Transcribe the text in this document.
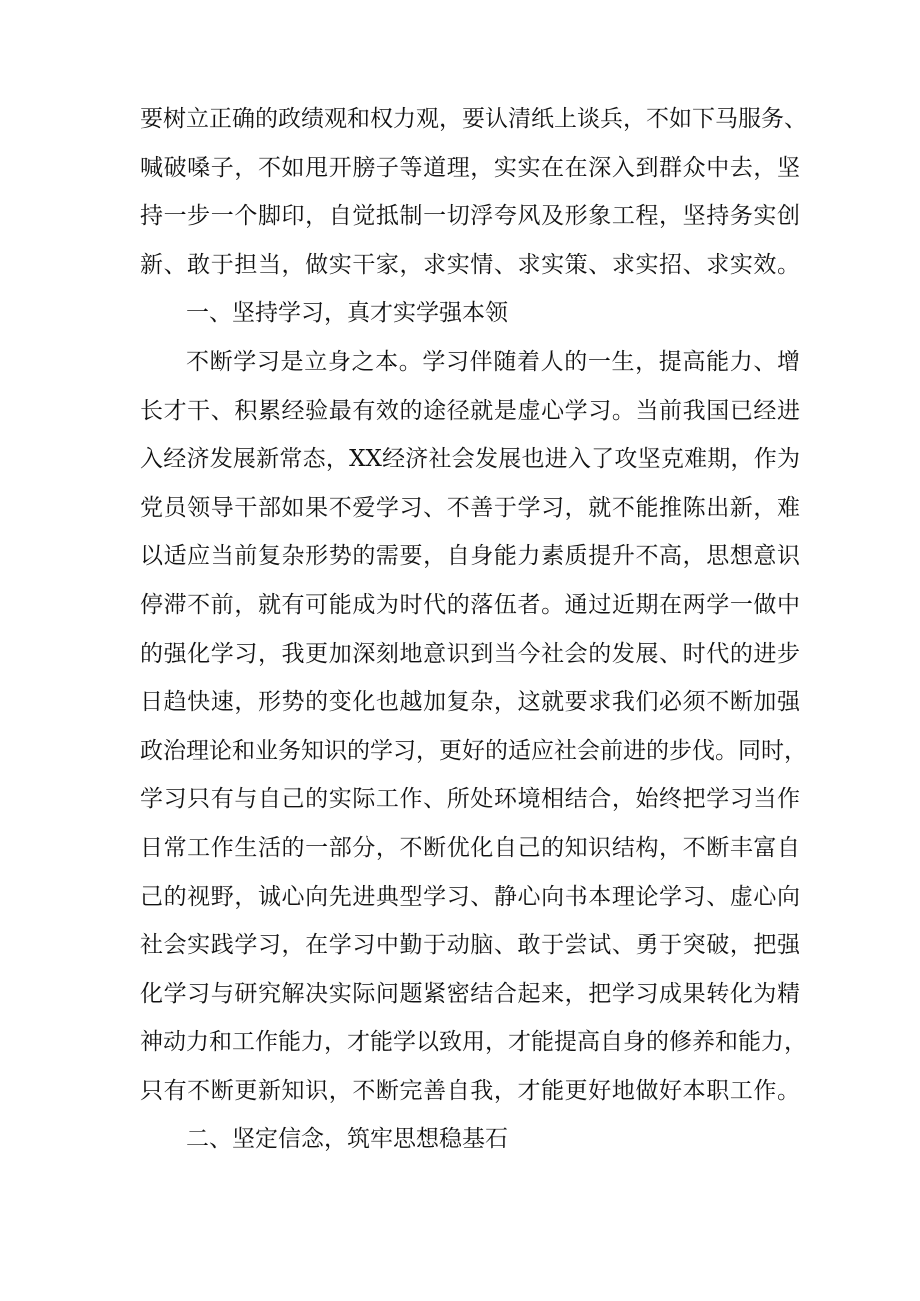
要树立正确的政绩观和权力观，要认清纸上谈兵，不如下马服务、
喊破嗓子，不如甩开膀子等道理，实实在在深入到群众中去，坚
持一步一个脚印，自觉抵制一切浮夸风及形象工程，坚持务实创
新、敢于担当，做实干家，求实情、求实策、求实招、求实效。
一、坚持学习，真才实学强本领
不断学习是立身之本。学习伴随着人的一生，提高能力、增
长才干、积累经验最有效的途径就是虚心学习。当前我国已经进
入经济发展新常态，XX经济社会发展也进入了攻坚克难期，作为
党员领导干部如果不爱学习、不善于学习，就不能推陈出新，难
以适应当前复杂形势的需要，自身能力素质提升不高，思想意识
停滞不前，就有可能成为时代的落伍者。通过近期在两学一做中
的强化学习，我更加深刻地意识到当今社会的发展、时代的进步
日趋快速，形势的变化也越加复杂，这就要求我们必须不断加强
政治理论和业务知识的学习，更好的适应社会前进的步伐。同时，
学习只有与自己的实际工作、所处环境相结合，始终把学习当作
日常工作生活的一部分，不断优化自己的知识结构，不断丰富自
己的视野，诚心向先进典型学习、静心向书本理论学习、虚心向
社会实践学习，在学习中勤于动脑、敢于尝试、勇于突破，把强
化学习与研究解决实际问题紧密结合起来，把学习成果转化为精
神动力和工作能力，才能学以致用，才能提高自身的修养和能力，
只有不断更新知识，不断完善自我，才能更好地做好本职工作。
二、坚定信念，筑牢思想稳基石
